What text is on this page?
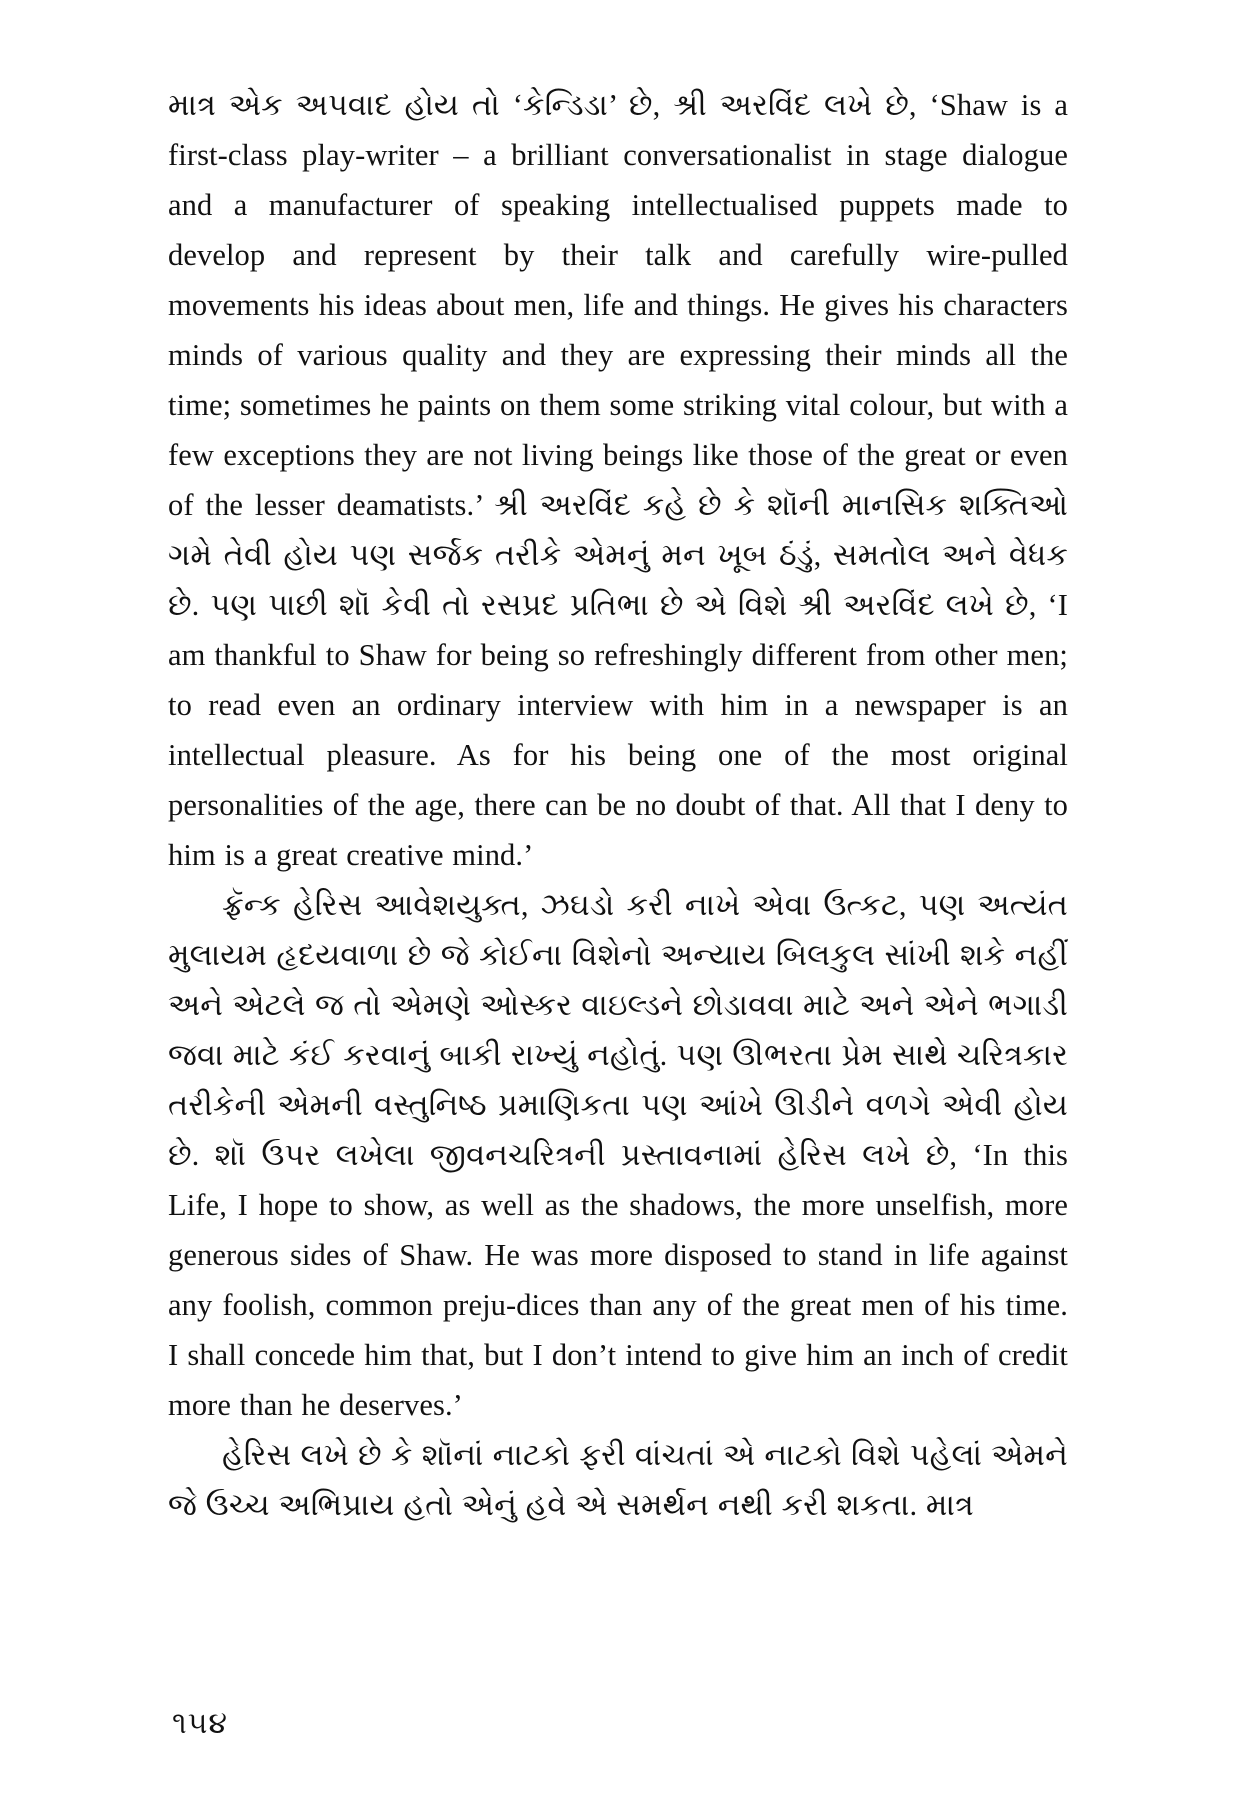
માત્ર એક અપવાદ હોય તો ‘કેન્ડિડા’ છે, શ્રી અરવિંદ લખે છે, ‘Shaw is a first-class play-writer – a brilliant conversationalist in stage dialogue and a manufacturer of speaking intellectualised puppets made to develop and represent by their talk and carefully wire-pulled movements his ideas about men, life and things. He gives his characters minds of various quality and they are expressing their minds all the time; sometimes he paints on them some striking vital colour, but with a few exceptions they are not living beings like those of the great or even of the lesser deamatists.’ શ્રી અરવિંદ કહે છે કે શૉની માનસિક શક્તિઓ ગમે તેવી હોય પણ સર્જક તરીકે એમનું મન ખૂબ ઠંડું, સમતોલ અને વેધક છે. પણ પાછી શૉ કેવી તો રસપ્રદ પ્રતિભા છે એ વિશે શ્રી અરવિંદ લખે છે, ‘I am thankful to Shaw for being so refreshingly different from other men; to read even an ordinary interview with him in a newspaper is an intellectual pleasure. As for his being one of the most original personalities of the age, there can be no doubt of that. All that I deny to him is a great creative mind.’

ફ્રૅન્ક હેરિસ આવેશયુક્ત, ઝઘડો કરી નાખે એવા ઉત્કટ, પણ અત્યંત મુલાયમ હૃદયવાળા છે જે કોઈના વિશેનો અન્યાય બિલકુલ સાંખી શકે નહીં અને એટલે જ તો એમણે ઓસ્કર વાઇલ્ડને છોડાવવા માટે અને એને ભગાડી જવા માટે કંઈ કરવાનું બાકી રાખ્યું નહોતું. પણ ઊભરતા પ્રેમ સાથે ચરિત્રકાર તરીકેની એમની વસ્તુનિષ્ઠ પ્રમાણિકતા પણ આંખે ઊડીને વળગે એવી હોય છે. શૉ ઉપર લખેલા જીવનચરિત્રની પ્રસ્તાવનામાં હેરિસ લખે છે, ‘In this Life, I hope to show, as well as the shadows, the more unselfish, more generous sides of Shaw. He was more disposed to stand in life against any foolish, common preju-dices than any of the great men of his time. I shall concede him that, but I don’t intend to give him an inch of credit more than he deserves.’

હેરિસ લખે છે કે શૉનાં નાટકો ફરી વાંચતાં એ નાટકો વિશે પહેલાં એમને જે ઉચ્ચ અભિપ્રાય હતો એનું હવે એ સમર્થન નથી કરી શકતા. માત્ર

૧૫૪
